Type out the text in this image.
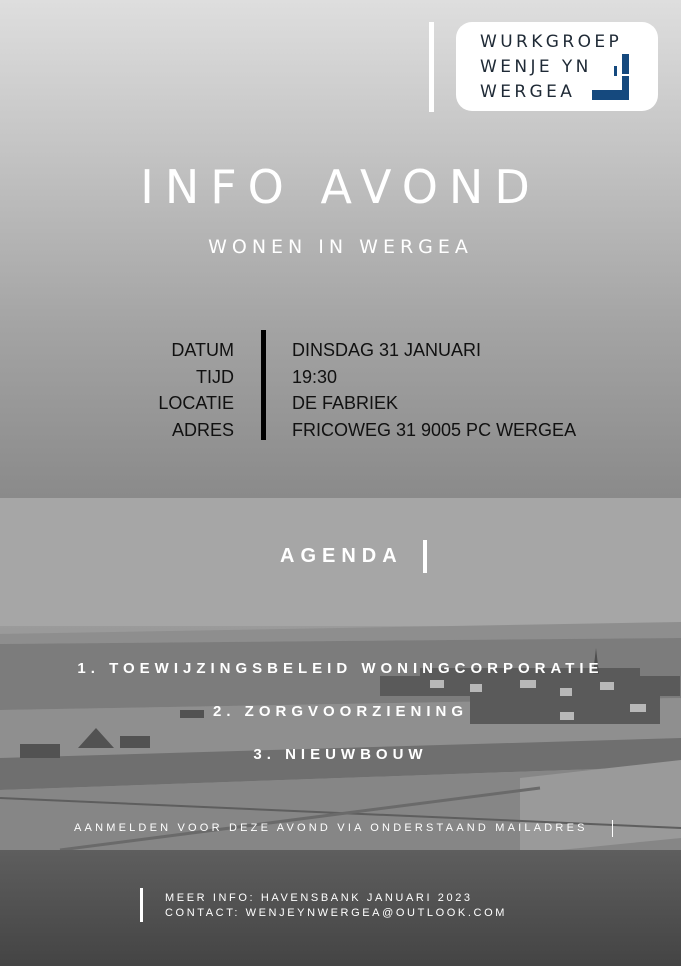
WURKGROEP
WENJE YN
WERGEA
INFO AVOND
WONEN IN WERGEA
DATUM
TIJD
LOCATIE
ADRES
DINSDAG 31 JANUARI
19:30
DE FABRIEK
FRICOWEG 31 9005 PC WERGEA
AGENDA
1. TOEWIJZINGSBELEID WONINGCORPORATIE
2. ZORGVOORZIENING
3. NIEUWBOUW
AANMELDEN VOOR DEZE AVOND VIA ONDERSTAAND MAILADRES
MEER INFO: HAVENSBANK JANUARI 2023
CONTACT: WENJEYNWERGEA@OUTLOOK.COM
